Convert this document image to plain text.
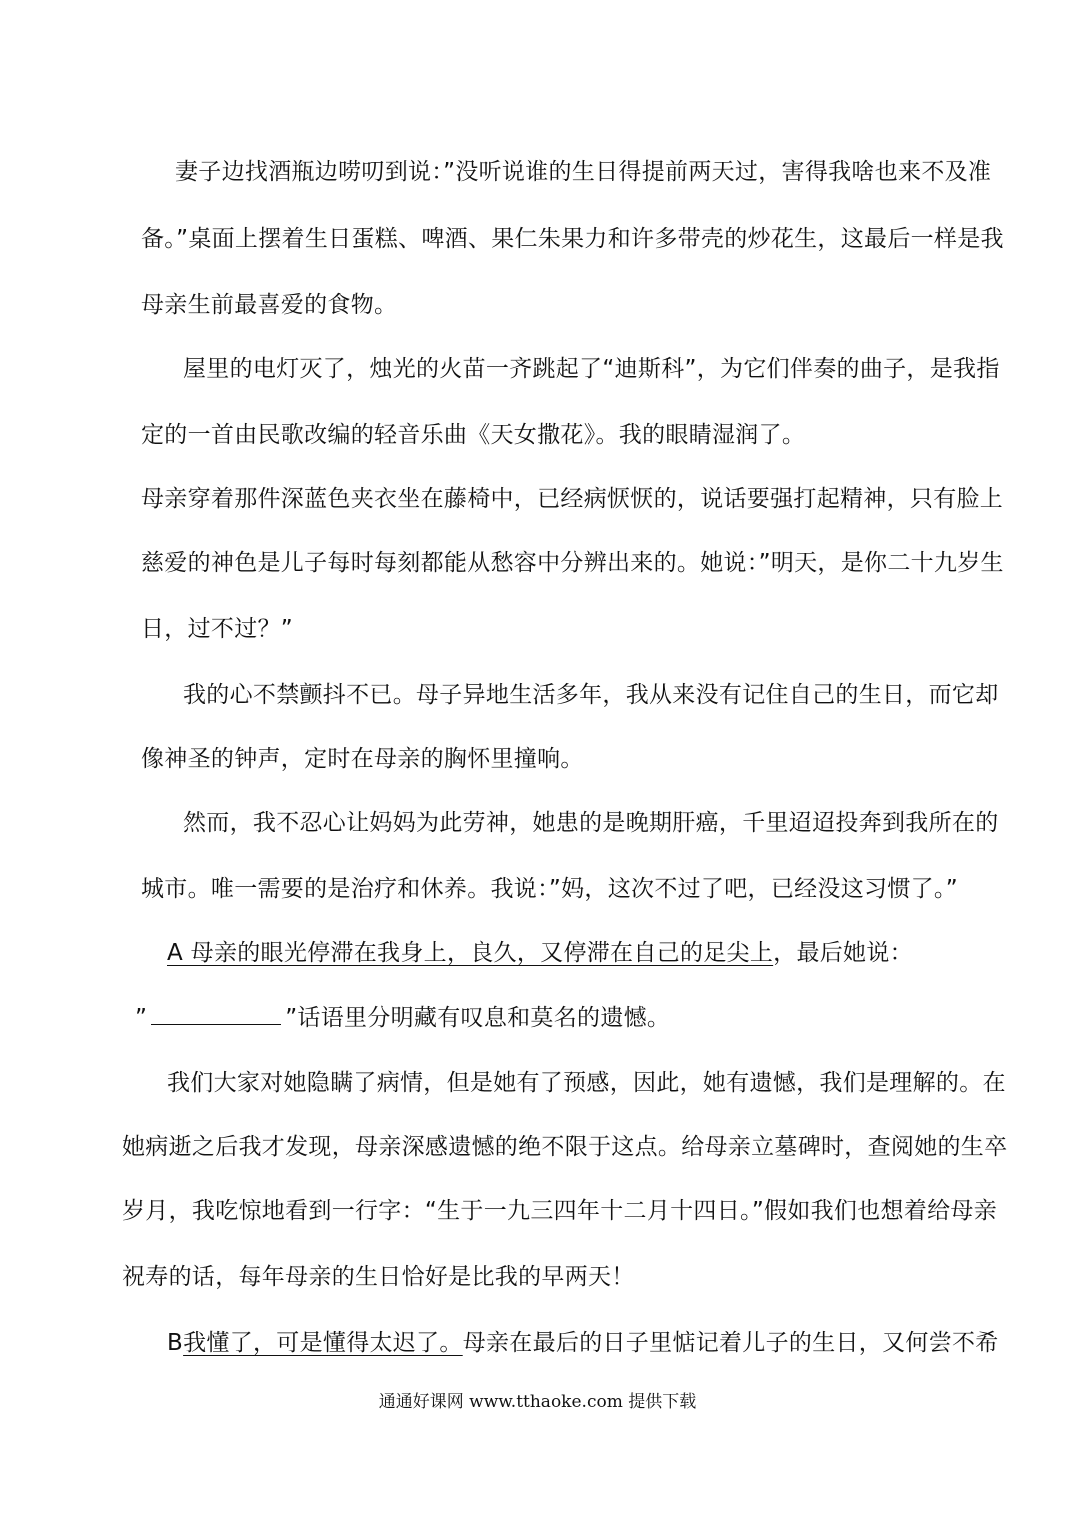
妻子边找酒瓶边唠叨到说：”没听说谁的生日得提前两天过，害得我啥也来不及准
备。”桌面上摆着生日蛋糕、啤酒、果仁朱果力和许多带壳的炒花生，这最后一样是我
母亲生前最喜爱的食物。
屋里的电灯灭了，烛光的火苗一齐跳起了“迪斯科”，为它们伴奏的曲子，是我指
定的一首由民歌改编的轻音乐曲《天女撒花》。我的眼睛湿润了。
母亲穿着那件深蓝色夹衣坐在藤椅中，已经病恹恹的，说话要强打起精神，只有脸上
慈爱的神色是儿子每时每刻都能从愁容中分辨出来的。她说：”明天，是你二十九岁生
日，过不过？”
我的心不禁颤抖不已。母子异地生活多年，我从来没有记住自己的生日，而它却
像神圣的钟声，定时在母亲的胸怀里撞响。
然而，我不忍心让妈妈为此劳神，她患的是晚期肝癌，千里迢迢投奔到我所在的
城市。唯一需要的是治疗和休养。我说：”妈，这次不过了吧，已经没这习惯了。”
A 母亲的眼光停滞在我身上，良久，又停滞在自己的足尖上，最后她说：
”	”话语里分明藏有叹息和莫名的遗憾。
我们大家对她隐瞒了病情，但是她有了预感，因此，她有遗憾，我们是理解的。在
她病逝之后我才发现，母亲深感遗憾的绝不限于这点。给母亲立墓碑时，查阅她的生卒
岁月，我吃惊地看到一行字：“生于一九三四年十二月十四日。”假如我们也想着给母亲
祝寿的话，每年母亲的生日恰好是比我的早两天！
B我懂了，可是懂得太迟了。母亲在最后的日子里惦记着儿子的生日，又何尝不希
通通好课网 www.tthaoke.com 提供下载
